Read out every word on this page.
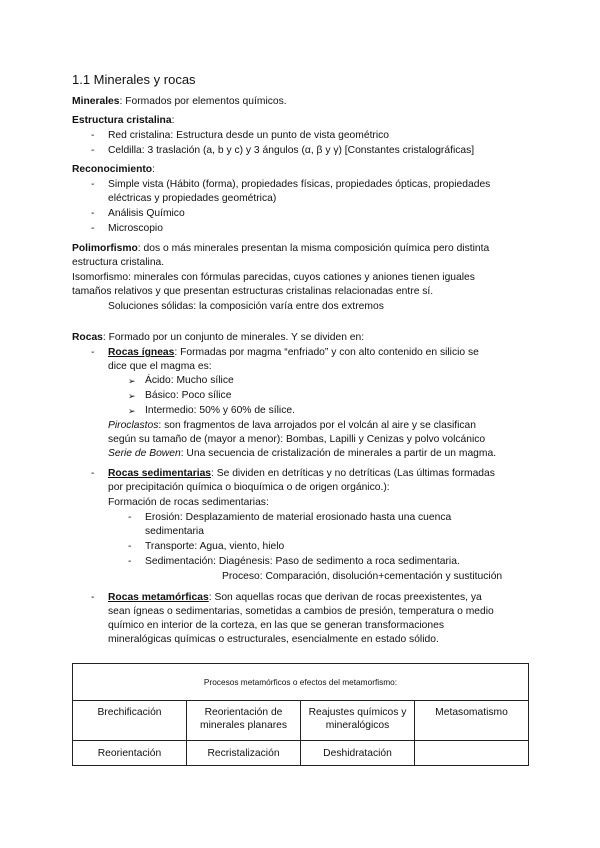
1.1 Minerales y rocas
Minerales: Formados por elementos químicos.
Estructura cristalina:
- Red cristalina: Estructura desde un punto de vista geométrico
- Celdilla: 3 traslación (a, b y c) y 3 ángulos (α, β y γ) [Constantes cristalográficas]
Reconocimiento:
- Simple vista (Hábito (forma), propiedades físicas, propiedades ópticas, propiedades
eléctricas y propiedades geométrica)
- Análisis Químico
- Microscopio
Polimorfismo: dos o más minerales presentan la misma composición química pero distinta
estructura cristalina.
Isomorfismo: minerales con fórmulas parecidas, cuyos cationes y aniones tienen iguales
tamaños relativos y que presentan estructuras cristalinas relacionadas entre sí.
Soluciones sólidas: la composición varía entre dos extremos
Rocas: Formado por un conjunto de minerales. Y se dividen en:
- Rocas ígneas: Formadas por magma “enfriado” y con alto contenido en silicio se
dice que el magma es:
➢ Ácido: Mucho sílice
➢ Básico: Poco sílice
➢ Intermedio: 50% y 60% de sílice.
Piroclastos: son fragmentos de lava arrojados por el volcán al aire y se clasifican
según su tamaño de (mayor a menor): Bombas, Lapilli y Cenizas y polvo volcánico
Serie de Bowen: Una secuencia de cristalización de minerales a partir de un magma.
- Rocas sedimentarias: Se dividen en detríticas y no detríticas (Las últimas formadas
por precipitación química o bioquímica o de origen orgánico.):
Formación de rocas sedimentarias:
- Erosión: Desplazamiento de material erosionado hasta una cuenca
sedimentaria
- Transporte: Agua, viento, hielo
- Sedimentación: Diagénesis: Paso de sedimento a roca sedimentaria.
Proceso: Comparación, disolución+cementación y sustitución
- Rocas metamórficas: Son aquellas rocas que derivan de rocas preexistentes, ya
sean ígneas o sedimentarias, sometidas a cambios de presión, temperatura o medio
químico en interior de la corteza, en las que se generan transformaciones
mineralógicas químicas o estructurales, esencialmente en estado sólido.
Procesos metamórficos o efectos del metamorfismo:			
Brechificación	Reorientación de minerales planares	Reajustes químicos y mineralógicos	Metasomatismo
Reorientación	Recristalización	Deshidratación	
